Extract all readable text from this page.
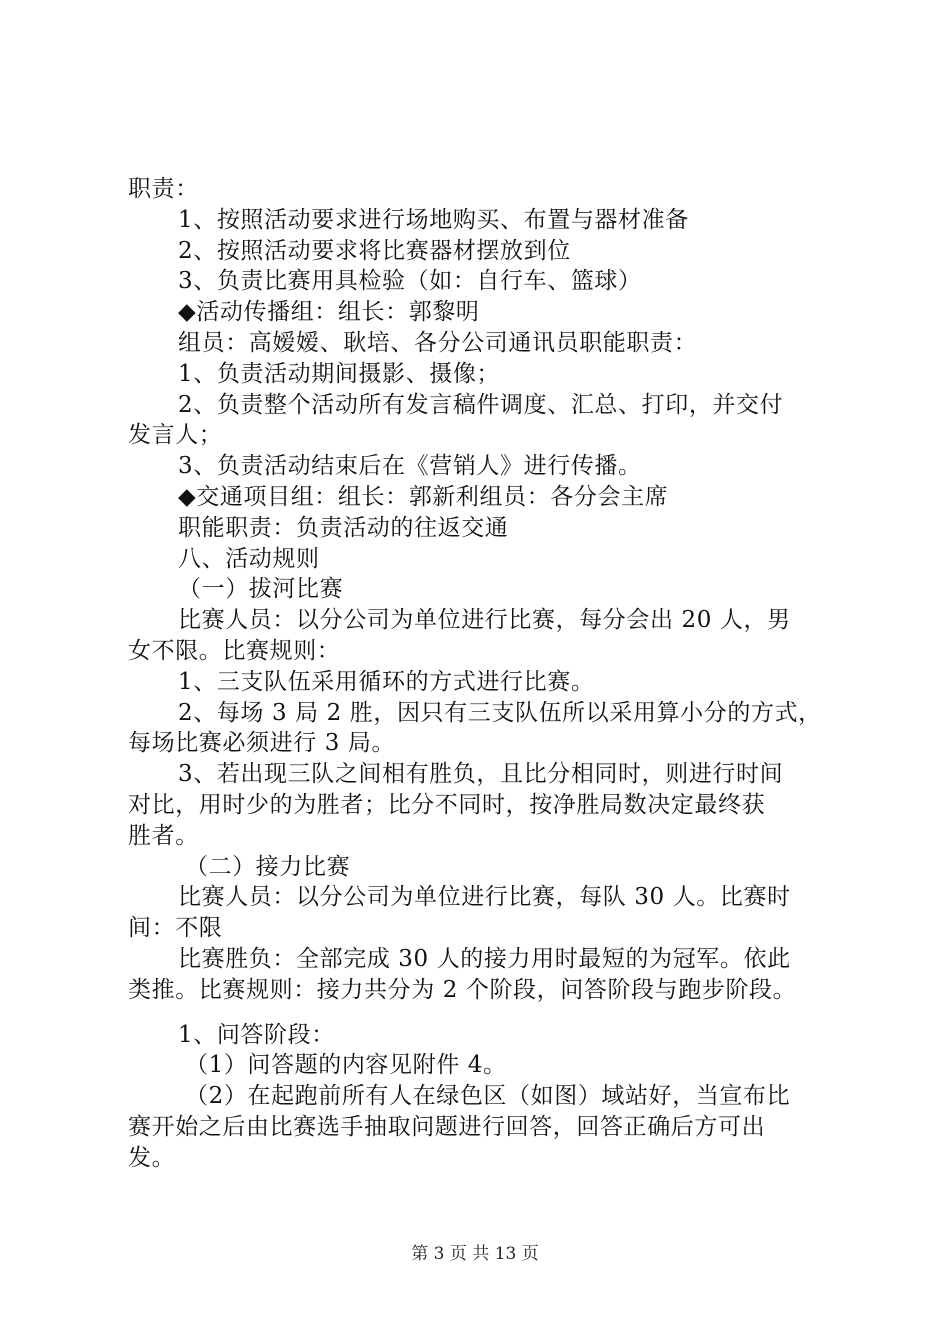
职责：
1、按照活动要求进行场地购买、布置与器材准备
2、按照活动要求将比赛器材摆放到位
3、负责比赛用具检验（如：自行车、篮球）
◆活动传播组：组长：郭黎明
组员：高嫒嫒、耿培、各分公司通讯员职能职责：
1、负责活动期间摄影、摄像；
2、负责整个活动所有发言稿件调度、汇总、打印，并交付
发言人；
3、负责活动结束后在《营销人》进行传播。
◆交通项目组：组长：郭新利组员：各分会主席
职能职责：负责活动的往返交通
八、活动规则
（一）拔河比赛
比赛人员：以分公司为单位进行比赛，每分会出 20 人，男
女不限。比赛规则：
1、三支队伍采用循环的方式进行比赛。
2、每场 3 局 2 胜，因只有三支队伍所以采用算小分的方式，
每场比赛必须进行 3 局。
3、若出现三队之间相有胜负，且比分相同时，则进行时间
对比，用时少的为胜者；比分不同时，按净胜局数决定最终获
胜者。
（二）接力比赛
比赛人员：以分公司为单位进行比赛，每队 30 人。比赛时
间：不限
比赛胜负：全部完成 30 人的接力用时最短的为冠军。依此
类推。比赛规则：接力共分为 2 个阶段，问答阶段与跑步阶段。
1、问答阶段：
（1）问答题的内容见附件 4。
（2）在起跑前所有人在绿色区（如图）域站好，当宣布比
赛开始之后由比赛选手抽取问题进行回答，回答正确后方可出
发。
第 3 页 共 13 页
